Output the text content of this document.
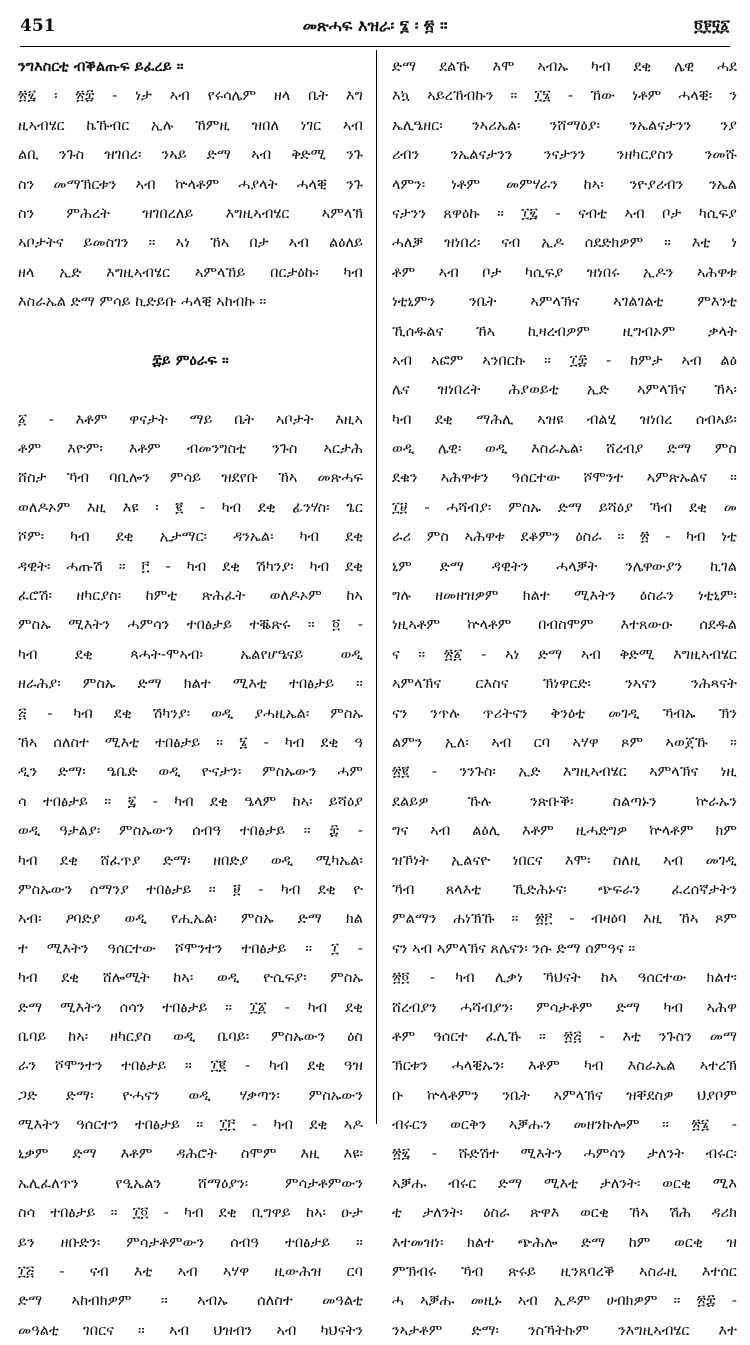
451	መጽሓፍ እዝራ፡ ፮ ፡ ፳ ።	፬፻፶፩
ንግእስርቲ ብቕልጡፍ ይፈረይ ።
፳፯ ፡ ፳፰ - ነታ ኣብ የሩሳሌም ዘላ ቤት እግ
ዚኣብሄር ኬኹብር ኢሉ ኸምዚ ዝበለ ነገር ኣብ
ልቢ ንጉስ ዝገበረ፡ ንኣይ ድማ ኣብ ቅድሚ ንጉ
ስን መማኽርቱን ኣብ ኵላቶም ሓያላት ሓላቒ ንጉ
ስን ምሕረት ዝገበረለይ እግዚኣብሄር ኣምላኽ
ኣቦታትና ይመስገን ። ኣነ ኸኣ በታ ኣብ ልዕለይ
ዘላ ኢድ እግዚኣብሄር ኣምላኸይ በርታዕኩ፡ ካብ
እስራኤል ድማ ምሳይ ኪድይቡ ሓላቒ ኣከብኩ ።
፰ይ ምዕራፍ ።
፩ - እቶም ዋናታት ማይ ቤት ኣቦታት እዚኣ
ቶም እዮም፡ እቶም ብመንግስቲ ንጉስ ኣርታሕ
ሸስታ ኻብ ባቢሎን ምሳይ ዝደየቡ ኸኣ መጽሓፍ
ወለዶኦም እዚ እዩ ፡ ፪ - ካብ ደቂ ፊንሃስ፡ ጌር
ሾም፡ ካብ ደቂ ኢታማር፡ ዳንኤል፡ ካብ ደቂ
ዳዊት፡ ሓጡሽ ። ፫ - ካብ ደቂ ሽካንያ፡ ካብ ደቂ
ፈሮሽ፡ ዘካርያስ፡ ከምቲ ጽሕፈት ወለዶኦም ከኣ
ምስኡ ሚእትን ሓምሳን ተበፅታይ ተቘጽሩ ። ፬ -
ካብ ደቂ ጳሓት-ሞኣብ፡ ኤልየሆዔናይ ወዲ
ዘራሕያ፡ ምስኡ ድማ ክልተ ሚእቲ ተበፅታይ ።
፭ - ካብ ደቂ ሽካንያ፡ ወዲ ያሓዚኤል፡ ምስኡ
ኸኣ ሰለስተ ሚእቲ ተበፅታይ ። ፮ - ካብ ደቂ ዓ
ዲን ድማ፡ ዔቤድ ወዲ ዮናታን፡ ምስኡውን ሓም
ሳ ተበፅታይ ። ፯ - ካብ ደቂ ዔላም ከኣ፡ ይሻዕያ
ወዲ ዓታልያ፡ ምስኡውን ሰብዓ ተበፅታይ ። ፰ -
ካብ ደቂ ሸፈጥያ ድማ፡ ዘበድያ ወዲ ሚካኤል፡
ምስኡውን ሰማንያ ተበፅታይ ። ፱ - ካብ ደቂ ዮ
ኣብ፡ ዖባድያ ወዲ የሒኤል፡ ምስኡ ድማ ክል
ተ ሚእትን ዓሰርተው ሾሞንተን ተበፅታይ ። ፲ -
ካብ ደቂ ሸሎሚት ከኣ፡ ወዲ ዮሲፍያ፡ ምስኡ
ድማ ሚእትን ሰሳን ተበፅታይ ። ፲፩ - ካብ ደቂ
ቤባይ ከኣ፡ ዘካርያስ ወዲ ቤባይ፡ ምስኡውን ዕስ
ራን ሾሞንተን ተበፅታይ ። ፲፪ - ካብ ደቂ ዓዝ
ጋድ ድማ፡ ዮሓናን ወዲ ሃቃጣን፡ ምስኡውን
ሚእትን ዓሰርተን ተበፅታይ ። ፲፫ - ካብ ደቂ ኣዶ
ኒቃም ድማ እቶም ዳሕሮት ስሞም እዚ እዩ፡
ኤሊፈለጥን የዒኤልን ሸማዕያን፡ ምሳታቶምውን
ስሳ ተበፅታይ ። ፲፬ - ካብ ደቂ ቢግዋይ ከኣ፡ ዑታ
ይን ዘቡድን፡ ምሳታቶምውን ሰብዓ ተበፅታይ ።
፲፭ - ናብ እቲ ኣብ ኣሃዋ ዚውሕዝ ርባ
ድማ ኣከብክዎም ። ኣብኡ ሰለስተ መዓልቲ
መዓልቲ ገበርና ። ኣብ ህዝብን ኣብ ካህናትን
ድማ ደልኹ እሞ ኣብኡ ካብ ደቂ ሌዊ ሓደ
እኳ ኣይረኸብኩን ። ፲፮ - ኸው ነቶም ሓላቒ፡ ን
ኤሊዔዘር፡ ንኣሪኤል፡ ንሸማዕያ፡ ንኤልናታንን ንያ
ሪብን ንኤልናታንን ንናታንን ንዘካርያስን ንመሹ
ላምን፡ ነቶም መምሃራን ከኣ፡ ንዮያሪብን ንኤል
ናታንን ጸዋዕኩ ። ፲፯ - ናብቲ ኣብ ቦታ ካሲፍያ
ሓለቓ ዝነበረ፡ ናብ ኢዶ ሰደድክዎም ። እቲ ነ
ቶም ኣብ ቦታ ካሲፍያ ዝነበሩ ኢዶን ኣሕዋቱ
ነቲኒምን ንቤት ኣምላኽና ኣገልገልቲ ምእንቲ
ኺሰዱልና ኸኣ ኪዛረብዎም ዚግብኦም ቃላት
ኣብ ኣፎም ኣንበርኩ ። ፲፰ - ከምታ ኣብ ልዕ
ሌና ዝነበረት ሕያወይቲ ኢድ ኣምላኽና ኸኣ፡
ካብ ደቂ ማሕሊ ኣዝዩ ብልሂ ዝነበረ ሰብኣይ፡
ወዲ ሌዊ፡ ወዲ እስራኤል፡ ሸረብያ ድማ ምስ
ደቁን ኣሕዋቱን ዓሰርተው ሾሞንተ ኣምጽኡልና ።
፲፱ - ሓሻብያ፡ ምስኡ ድማ ይሻዕያ ኻብ ደቂ መ
ራሪ ምስ ኣሕዋቱ ደቆምን ዕስራ ። ፳ - ካብ ነቲ
ኒም ድማ ዳዊትን ሓላቓት ንሌዋውያን ኪገል
ግሉ ዘመዘዝዎም ክልተ ሚእትን ዕስራን ነቲኒም፡
ነዚኣቶም ኵላቶም በብስሞም እተጸውዑ ሰደዱል
ና ። ፳፩ - ኣነ ድማ ኣብ ቅድሚ እግዚኣብሄር
ኣምላኽና ርእስና ኽነዋርድ፡ ንኣናን ንሕጻናት
ናን ንጥሉ ጥሪትናን ቅንዕቲ መገዲ ኻብኡ ኽን
ልምን ኢለ፡ ኣብ ርባ ኣሃዋ ጾም ኣወጀኹ ።
፳፪ - ንንጉስ፡ ኢድ እግዚኣብሄር ኣምላኽና ነዚ
ደልይዎ ኹሉ ንጽቡቕ፡ ስልጣኑን ኵራኡን
ግና ኣብ ልዕሊ እቶም ዚሓድግዎ ኵላቶም ክም
ዝኾነት ኢልናዮ ነበርና እሞ፡ ስለዚ ኣብ መገዲ
ኻብ ጸላእቲ ኺድሕኑና፡ ጭፍራን ፈረሰኛታትን
ምልማን ሐነኽኹ ። ፳፫ - ብዛዕባ እዚ ኸኣ ጾም
ናን ኣብ ኣምላኽና ጸሌናን፡ ንሱ ድማ ሰምዓና ።
፳፬ - ካብ ሊቃነ ኻህናት ከኣ ዓሰርተው ክልተ፡
ሸረብያን ሓሻብያን፡ ምሳታቶም ድማ ካብ ኣሕዋ
ቶም ዓሰርተ ፈሊኹ ። ፳፭ - እቲ ንጉስን መማ
ኽርቱን ሓላቒኡን፡ እቶም ካብ እስራኤል ኣተረኽ
ቡ ኵላቶምን ንቤት ኣምላኽና ዝቐደስዎ ህያቦም
ብሩርን ወርቅን ኣቓሑን መዘንኩሎም ። ፳፮ -
፳፯ - ሹድሽተ ሚእትን ሓምሳን ታለንት ብሩር፡
ኣቓሑ ብሩር ድማ ሚእቲ ታለንት፡ ወርቂ ሚእ
ቲ ታለንት፡ ዕስራ ጽዋእ ወርቂ ኸኣ ሽሕ ዳሪክ
እተመዝነ፡ ክልተ ጭሕሎ ድማ ከም ወርቂ ዝ
ምኽብሩ ኻብ ጽሩይ ዚንጸባረቕ ኣስራዚ እተሰር
ሓ ኣቓሑ መዚኑ ኣብ ኢዶም ሀብክዎም ። ፳፰ -
ንኣታቶም ድማ፡ ንስኻትኩም ንእግዚኣብሄር እተ
